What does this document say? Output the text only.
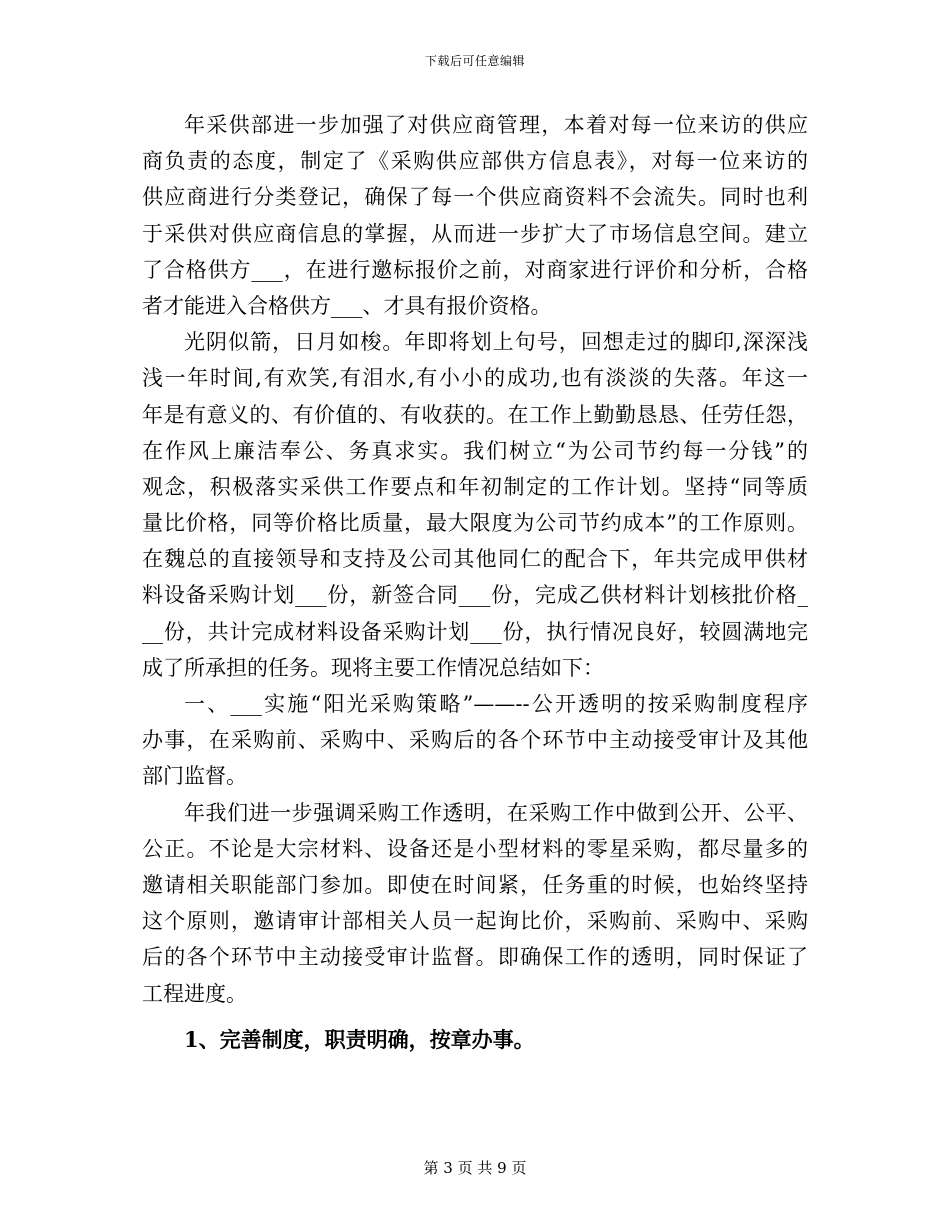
下载后可任意编辑
年采供部进一步加强了对供应商管理，本着对每一位来访的供应
商负责的态度，制定了《采购供应部供方信息表》，对每一位来访的
供应商进行分类登记，确保了每一个供应商资料不会流失。同时也利
于采供对供应商信息的掌握，从而进一步扩大了市场信息空间。建立
了合格供方___，在进行邀标报价之前，对商家进行评价和分析，合格
者才能进入合格供方___、才具有报价资格。
光阴似箭，日月如梭。年即将划上句号，回想走过的脚印,深深浅
浅一年时间,有欢笑,有泪水,有小小的成功,也有淡淡的失落。年这一
年是有意义的、有价值的、有收获的。在工作上勤勤恳恳、任劳任怨，
在作风上廉洁奉公、务真求实。我们树立“为公司节约每一分钱”的
观念，积极落实采供工作要点和年初制定的工作计划。坚持“同等质
量比价格，同等价格比质量，最大限度为公司节约成本”的工作原则。
在魏总的直接领导和支持及公司其他同仁的配合下，年共完成甲供材
料设备采购计划___份，新签合同___份，完成乙供材料计划核批价格_
__份，共计完成材料设备采购计划___份，执行情况良好，较圆满地完
成了所承担的任务。现将主要工作情况总结如下：
一、___实施“阳光采购策略”——--公开透明的按采购制度程序
办事，在采购前、采购中、采购后的各个环节中主动接受审计及其他
部门监督。
年我们进一步强调采购工作透明，在采购工作中做到公开、公平、
公正。不论是大宗材料、设备还是小型材料的零星采购，都尽量多的
邀请相关职能部门参加。即使在时间紧，任务重的时候，也始终坚持
这个原则，邀请审计部相关人员一起询比价，采购前、采购中、采购
后的各个环节中主动接受审计监督。即确保工作的透明，同时保证了
工程进度。
1、完善制度，职责明确，按章办事。
第 3 页 共 9 页
